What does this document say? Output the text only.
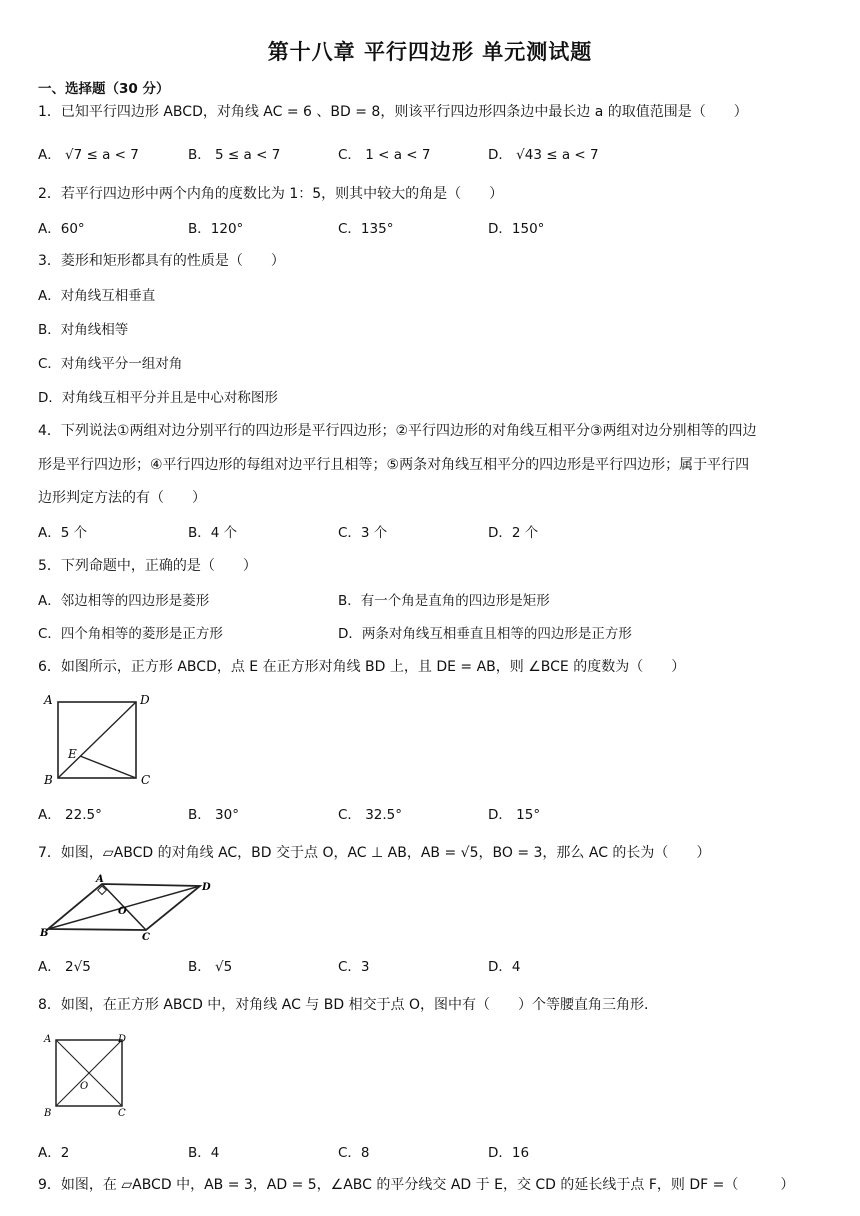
第十八章 平行四边形 单元测试题
一、选择题（30 分）
1．已知平行四边形 ABCD，对角线 AC = 6 、BD = 8，则该平行四边形四条边中最长边 a 的取值范围是（　　）
A． √7 ≤ a < 7	B． 5 ≤ a < 7	C． 1 < a < 7	D． √43 ≤ a < 7
2．若平行四边形中两个内角的度数比为 1：5，则其中较大的角是（　　）
A．60°	B．120°	C．135°	D．150°
3．菱形和矩形都具有的性质是（　　）
A．对角线互相垂直
B．对角线相等
C．对角线平分一组对角
D．对角线互相平分并且是中心对称图形
4．下列说法①两组对边分别平行的四边形是平行四边形；②平行四边形的对角线互相平分③两组对边分别相等的四边
形是平行四边形；④平行四边形的每组对边平行且相等；⑤两条对角线互相平分的四边形是平行四边形；属于平行四
边形判定方法的有（　　）
A．5 个	B．4 个	C．3 个	D．2 个
5．下列命题中，正确的是（　　）
A．邻边相等的四边形是菱形	B．有一个角是直角的四边形是矩形
C．四个角相等的菱形是正方形	D．两条对角线互相垂直且相等的四边形是正方形
6．如图所示，正方形 ABCD，点 E 在正方形对角线 BD 上，且 DE = AB，则 ∠BCE 的度数为（　　）
A	D
E
B	C
A． 22.5°	B． 30°	C． 32.5°	D． 15°
7．如图，▱ABCD 的对角线 AC，BD 交于点 O，AC ⊥ AB，AB = √5，BO = 3，那么 AC 的长为（　　）
A
D
O
B	C
A． 2√5	B． √5	C．3	D．4
8．如图，在正方形 ABCD 中，对角线 AC 与 BD 相交于点 O，图中有（　　）个等腰直角三角形.
A	D
O
B	C
A．2	B．4	C．8	D．16
9．如图，在 ▱ABCD 中，AB = 3，AD = 5，∠ABC 的平分线交 AD 于 E，交 CD 的延长线于点 F，则 DF =（　　　）
